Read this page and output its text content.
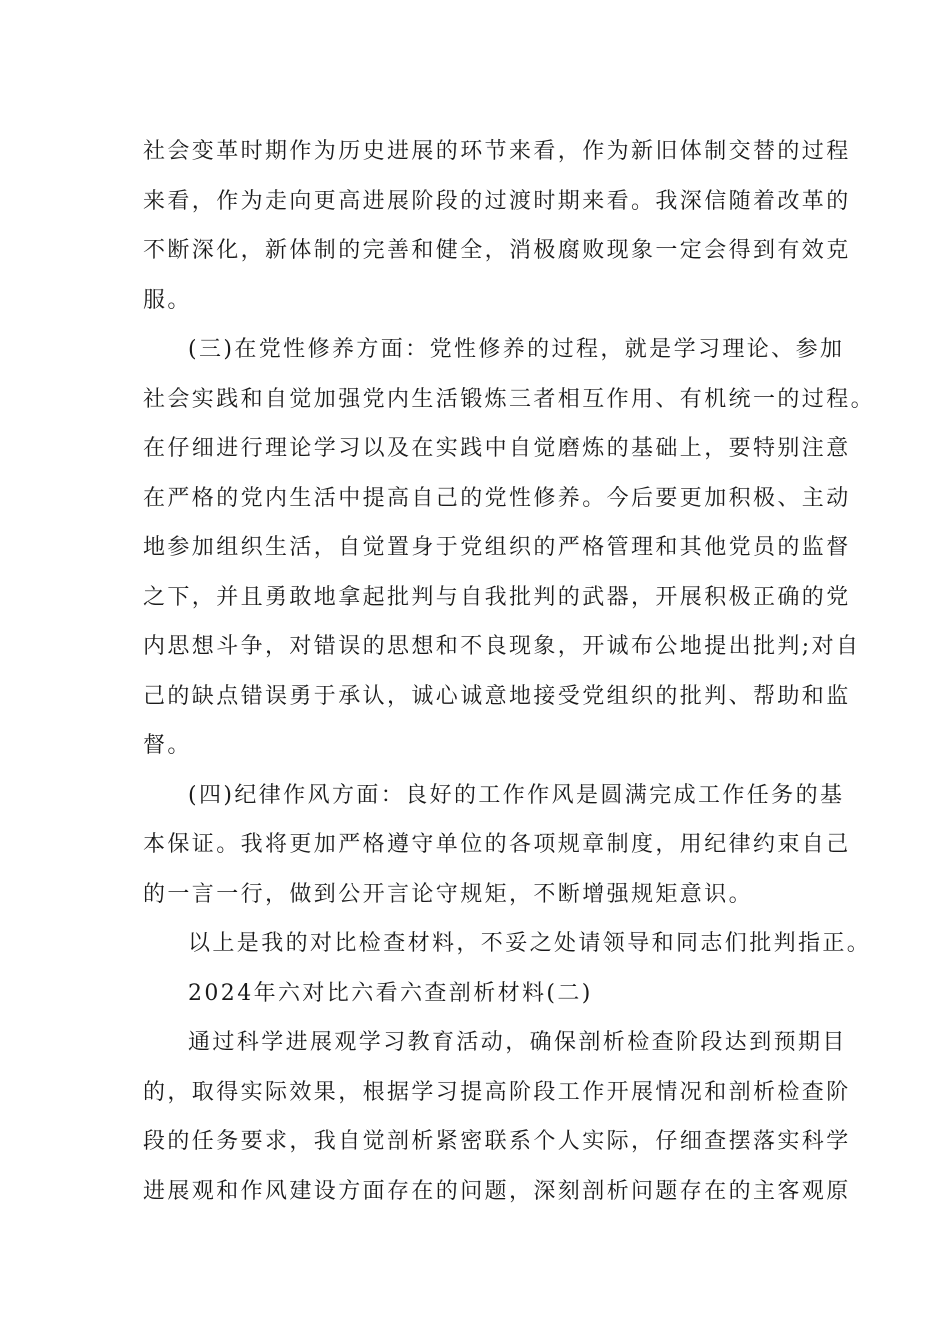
社会变革时期作为历史进展的环节来看，作为新旧体制交替的过程
来看，作为走向更高进展阶段的过渡时期来看。我深信随着改革的
不断深化，新体制的完善和健全，消极腐败现象一定会得到有效克
服。
(三)在党性修养方面：党性修养的过程，就是学习理论、参加
社会实践和自觉加强党内生活锻炼三者相互作用、有机统一的过程。
在仔细进行理论学习以及在实践中自觉磨炼的基础上，要特别注意
在严格的党内生活中提高自己的党性修养。今后要更加积极、主动
地参加组织生活，自觉置身于党组织的严格管理和其他党员的监督
之下，并且勇敢地拿起批判与自我批判的武器，开展积极正确的党
内思想斗争，对错误的思想和不良现象，开诚布公地提出批判;对自
己的缺点错误勇于承认，诚心诚意地接受党组织的批判、帮助和监
督。
(四)纪律作风方面：良好的工作作风是圆满完成工作任务的基
本保证。我将更加严格遵守单位的各项规章制度，用纪律约束自己
的一言一行，做到公开言论守规矩，不断增强规矩意识。
以上是我的对比检查材料，不妥之处请领导和同志们批判指正。
2024年六对比六看六查剖析材料(二)
通过科学进展观学习教育活动，确保剖析检查阶段达到预期目
的，取得实际效果，根据学习提高阶段工作开展情况和剖析检查阶
段的任务要求，我自觉剖析紧密联系个人实际，仔细查摆落实科学
进展观和作风建设方面存在的问题，深刻剖析问题存在的主客观原
